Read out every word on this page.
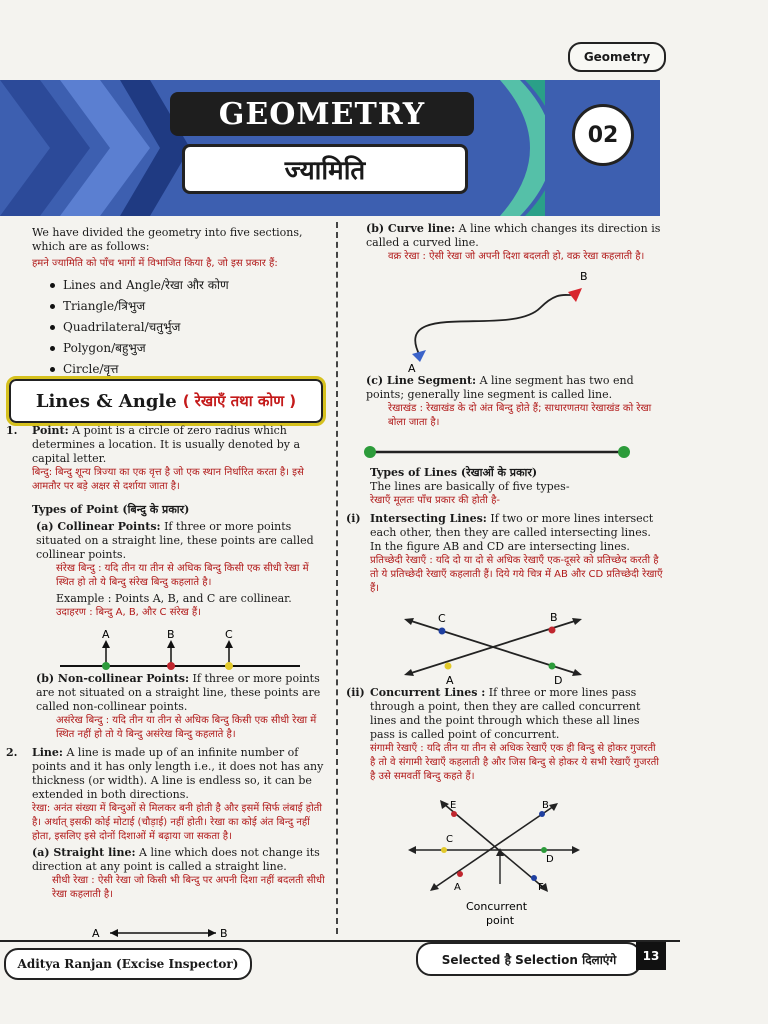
Geometry
GEOMETRY
ज्यामिति
02
We have divided the geometry into five sections, which are as follows:
हमने ज्यामिति को पाँच भागों में विभाजित किया है, जो इस प्रकार हैं:
Lines and Angle/रेखा और कोण
Triangle/त्रिभुज
Quadrilateral/चतुर्भुज
Polygon/बहुभुज
Circle/वृत्त
Lines & Angle ( रेखाएँ तथा कोण )
1.	Point: A point is a circle of zero radius which determines a location. It is usually denoted by a capital letter.
बिन्दु: बिन्दु शून्य त्रिज्या का एक वृत्त है जो एक स्थान निर्धारित करता है। इसे आमतौर पर बड़े अक्षर से दर्शाया जाता है।
Types of Point (बिन्दु के प्रकार)
(a) Collinear Points: If three or more points situated on a straight line, these points are called collinear points.
संरेख बिन्दु : यदि तीन या तीन से अधिक बिन्दु किसी एक सीधी रेखा में स्थित हो तो ये बिन्दु संरेख बिन्दु कहलाते है।
Example : Points A, B, and C are collinear.
उदाहरण : बिन्दु A, B, और C संरेख हैं।
A	B	C
(b) Non-collinear Points: If three or more points are not situated on a straight line, these points are called non-collinear points.
असंरेख बिन्दु : यदि तीन या तीन से अधिक बिन्दु किसी एक सीधी रेखा में स्थित नहीं हो तो ये बिन्दु असंरेख बिन्दु कहलाते है।
2.	Line: A line is made up of an infinite number of points and it has only length i.e., it does not has any thickness (or width). A line is endless so, it can be extended in both directions.
रेखा: अनंत संख्या में बिन्दुओं से मिलकर बनी होती है और इसमें सिर्फ लंबाई होती है। अर्थात् इसकी कोई मोटाई (चौड़ाई) नहीं होती। रेखा का कोई अंत बिन्दु नहीं होता, इसलिए इसे दोनों दिशाओं में बढ़ाया जा सकता है।
(a) Straight line: A line which does not change its direction at any point is called a straight line.
सीधी रेखा : ऐसी रेखा जो किसी भी बिन्दु पर अपनी दिशा नहीं बदलती सीधी रेखा कहलाती है।
A	B
(b) Curve line: A line which changes its direction is called a curved line.
वक्र रेखा : ऐसी रेखा जो अपनी दिशा बदलती हो, वक्र रेखा कहलाती है।
A
B
(c) Line Segment: A line segment has two end points; generally line segment is called line.
रेखाखंड : रेखाखंड के दो अंत बिन्दु होते हैं; साधारणतया रेखाखंड को रेखा बोला जाता है।
Types of Lines (रेखाओं के प्रकार)
The lines are basically of five types-
रेखाएँ मूलतः पाँच प्रकार की होती है-
(i) Intersecting Lines: If two or more lines intersect each other, then they are called intersecting lines. In the figure AB and CD are intersecting lines.
प्रतिच्छेदी रेखाएँ : यदि दो या दो से अधिक रेखाएँ एक-दूसरे को प्रतिच्छेद करती है तो ये प्रतिच्छेदी रेखाएँ कहलाती हैं। दिये गये चित्र में AB और CD प्रतिच्छेदी रेखाएँ हैं।
C	B
A	D
(ii) Concurrent Lines : If three or more lines pass through a point, then they are called concurrent lines and the point through which these all lines pass is called point of concurrent.
संगामी रेखाएँ : यदि तीन या तीन से अधिक रेखाएँ एक ही बिन्दु से होकर गुजरती है तो वे संगामी रेखाएँ कहलाती है और जिस बिन्दु से होकर ये सभी रेखाएँ गुजरती है उसे समवर्ती बिन्दु कहते हैं।
E	B
C
D
A	F
Concurrent
point
Aditya Ranjan (Excise Inspector)	Selected है Selection दिलाएंगे	13
